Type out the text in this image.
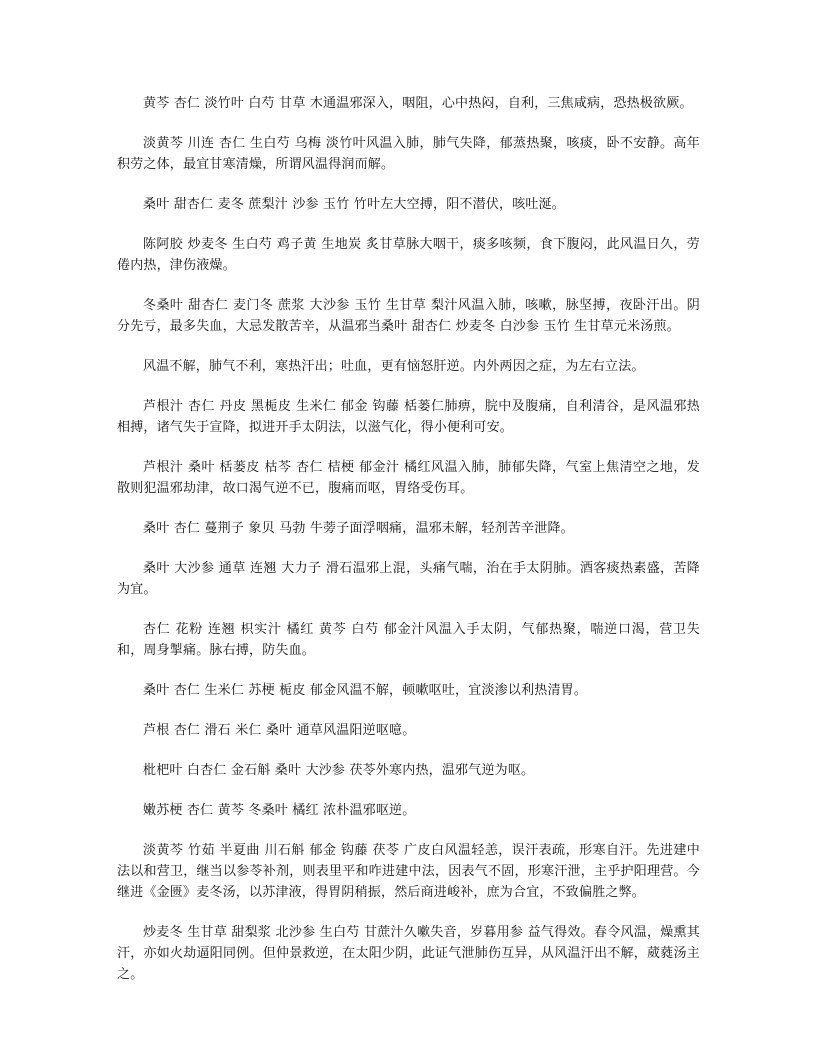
黄芩 杏仁 淡竹叶 白芍 甘草 木通温邪深入，咽阻，心中热闷，自利，三焦咸病，恐热极欲厥。

淡黄芩 川连 杏仁 生白芍 乌梅 淡竹叶风温入肺，肺气失降，郁蒸热聚，咳痰，卧不安静。高年积劳之体，最宜甘寒清燥，所谓风温得润而解。

桑叶 甜杏仁 麦冬 蔗梨汁 沙参 玉竹 竹叶左大空搏，阳不潜伏，咳吐涎。

陈阿胶 炒麦冬 生白芍 鸡子黄 生地炭 炙甘草脉大咽干，痰多咳频，食下腹闷，此风温日久，劳倦内热，津伤液燥。

冬桑叶 甜杏仁 麦门冬 蔗浆 大沙参 玉竹 生甘草 梨汁风温入肺，咳嗽，脉坚搏，夜卧汗出。阴分先亏，最多失血，大忌发散苦辛，从温邪当桑叶 甜杏仁 炒麦冬 白沙参 玉竹 生甘草元米汤煎。

风温不解，肺气不利，寒热汗出；吐血，更有恼怒肝逆。内外两因之症，为左右立法。

芦根汁 杏仁 丹皮 黑栀皮 生米仁 郁金 钩藤 栝蒌仁肺痹，脘中及腹痛，自利清谷，是风温邪热相搏，诸气失于宣降，拟进开手太阴法，以滋气化，得小便利可安。

芦根汁 桑叶 栝蒌皮 枯芩 杏仁 桔梗 郁金汁 橘红风温入肺，肺郁失降，气室上焦清空之地，发散则犯温邪劫津，故口渴气逆不已，腹痛而呕，胃络受伤耳。

桑叶 杏仁 蔓荆子 象贝 马勃 牛蒡子面浮咽痛，温邪未解，轻剂苦辛泄降。

桑叶 大沙参 通草 连翘 大力子 滑石温邪上混，头痛气喘，治在手太阴肺。酒客痰热素盛，苦降为宜。

杏仁 花粉 连翘 枳实汁 橘红 黄芩 白芍 郁金汁风温入手太阴，气郁热聚，喘逆口渴，营卫失和，周身掣痛。脉右搏，防失血。

桑叶 杏仁 生米仁 苏梗 栀皮 郁金风温不解，顿嗽呕吐，宜淡渗以利热清胃。

芦根 杏仁 滑石 米仁 桑叶 通草风温阳逆呕噫。

枇杷叶 白杏仁 金石斛 桑叶 大沙参 茯苓外寒内热，温邪气逆为呕。

嫩苏梗 杏仁 黄芩 冬桑叶 橘红 浓朴温邪呕逆。

淡黄芩 竹茹 半夏曲 川石斛 郁金 钩藤 茯苓 广皮白风温轻恙，误汗表疏，形寒自汗。先进建中法以和营卫，继当以参苓补剂，则表里平和咋进建中法，因表气不固，形寒汗泄，主乎护阳理营。今继进《金匮》麦冬汤，以苏津液，得胃阴稍振，然后商进峻补，庶为合宜，不致偏胜之弊。

炒麦冬 生甘草 甜梨浆 北沙参 生白芍 甘蔗汁久嗽失音，岁暮用参 益气得效。春令风温，燥熏其汗，亦如火劫逼阳同例。但仲景救逆，在太阳少阴，此证气泄肺伤互异，从风温汗出不解，葳蕤汤主之。
